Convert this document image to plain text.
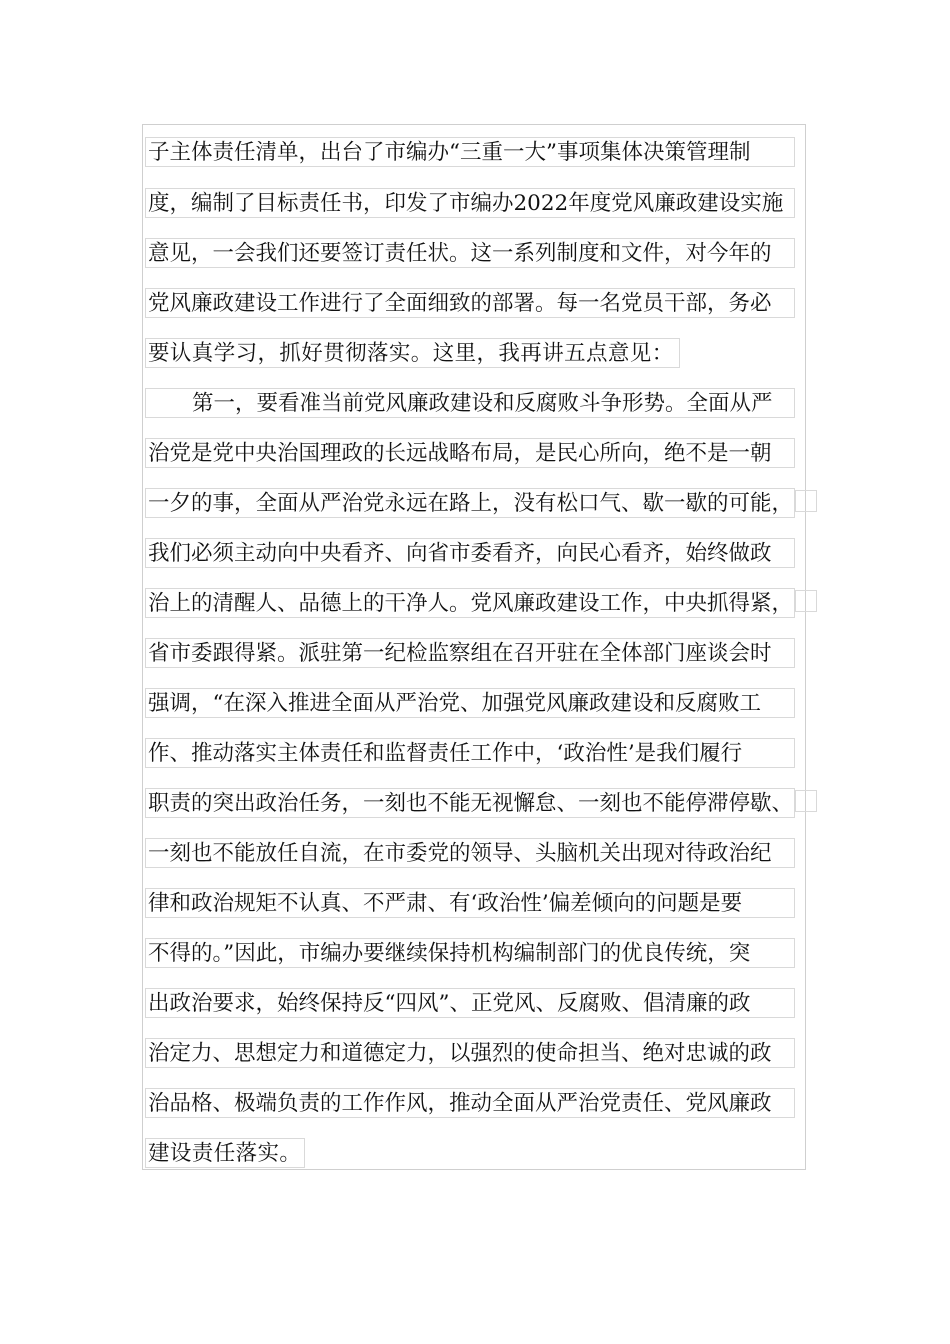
子主体责任清单，出台了市编办“三重一大”事项集体决策管理制
度，编制了目标责任书，印发了市编办2022年度党风廉政建设实施
意见，一会我们还要签订责任状。这一系列制度和文件，对今年的
党风廉政建设工作进行了全面细致的部署。每一名党员干部，务必
要认真学习，抓好贯彻落实。这里，我再讲五点意见：
第一，要看准当前党风廉政建设和反腐败斗争形势。全面从严
治党是党中央治国理政的长远战略布局，是民心所向，绝不是一朝
一夕的事，全面从严治党永远在路上，没有松口气、歇一歇的可能，
我们必须主动向中央看齐、向省市委看齐，向民心看齐，始终做政
治上的清醒人、品德上的干净人。党风廉政建设工作，中央抓得紧，
省市委跟得紧。派驻第一纪检监察组在召开驻在全体部门座谈会时
强调，“在深入推进全面从严治党、加强党风廉政建设和反腐败工
作、推动落实主体责任和监督责任工作中，‘政治性’是我们履行
职责的突出政治任务，一刻也不能无视懈怠、一刻也不能停滞停歇、
一刻也不能放任自流，在市委党的领导、头脑机关出现对待政治纪
律和政治规矩不认真、不严肃、有‘政治性’偏差倾向的问题是要
不得的。”因此，市编办要继续保持机构编制部门的优良传统，突
出政治要求，始终保持反“四风”、正党风、反腐败、倡清廉的政
治定力、思想定力和道德定力，以强烈的使命担当、绝对忠诚的政
治品格、极端负责的工作作风，推动全面从严治党责任、党风廉政
建设责任落实。
